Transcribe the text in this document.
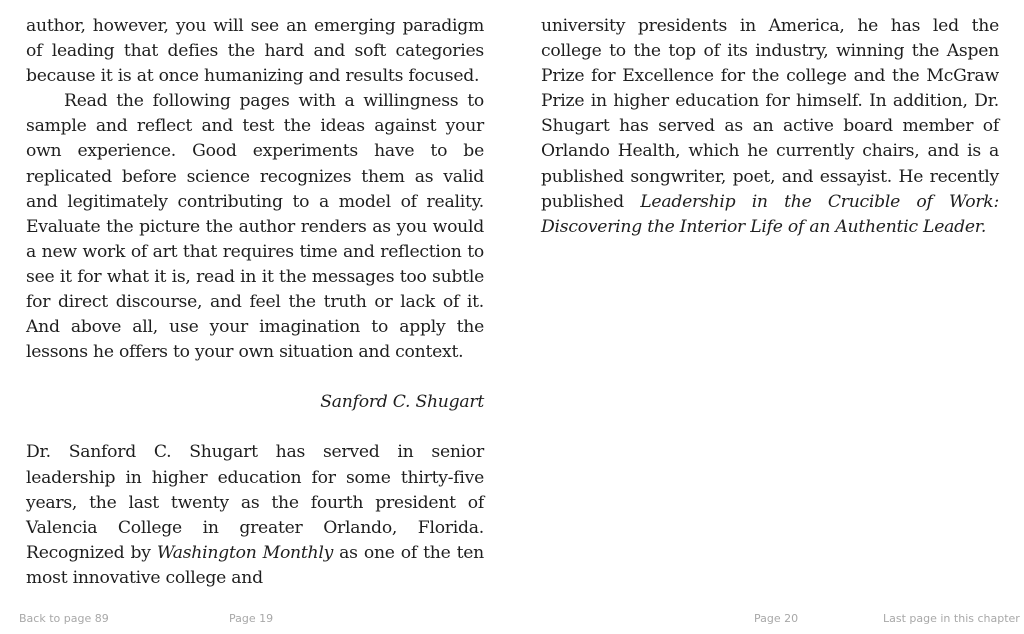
author, however, you will see an emerging paradigm of leading that defies the hard and soft categories because it is at once humanizing and results focused.

Read the following pages with a willingness to sample and reflect and test the ideas against your own experience. Good experiments have to be replicated before science recognizes them as valid and legitimately contributing to a model of reality. Evaluate the picture the author renders as you would a new work of art that requires time and reflection to see it for what it is, read in it the messages too subtle for direct discourse, and feel the truth or lack of it. And above all, use your imagination to apply the lessons he offers to your own situation and context.

Sanford C. Shugart

Dr. Sanford C. Shugart has served in senior leadership in higher education for some thirty-five years, the last twenty as the fourth president of Valencia College in greater Orlando, Florida. Recognized by Washington Monthly as one of the ten most innovative college and

university presidents in America, he has led the college to the top of its industry, winning the Aspen Prize for Excellence for the college and the McGraw Prize in higher education for himself. In addition, Dr. Shugart has served as an active board member of Orlando Health, which he currently chairs, and is a published songwriter, poet, and essayist. He recently published Leadership in the Crucible of Work: Discovering the Interior Life of an Authentic Leader.

Back to page 89	Page 19	Page 20	Last page in this chapter
